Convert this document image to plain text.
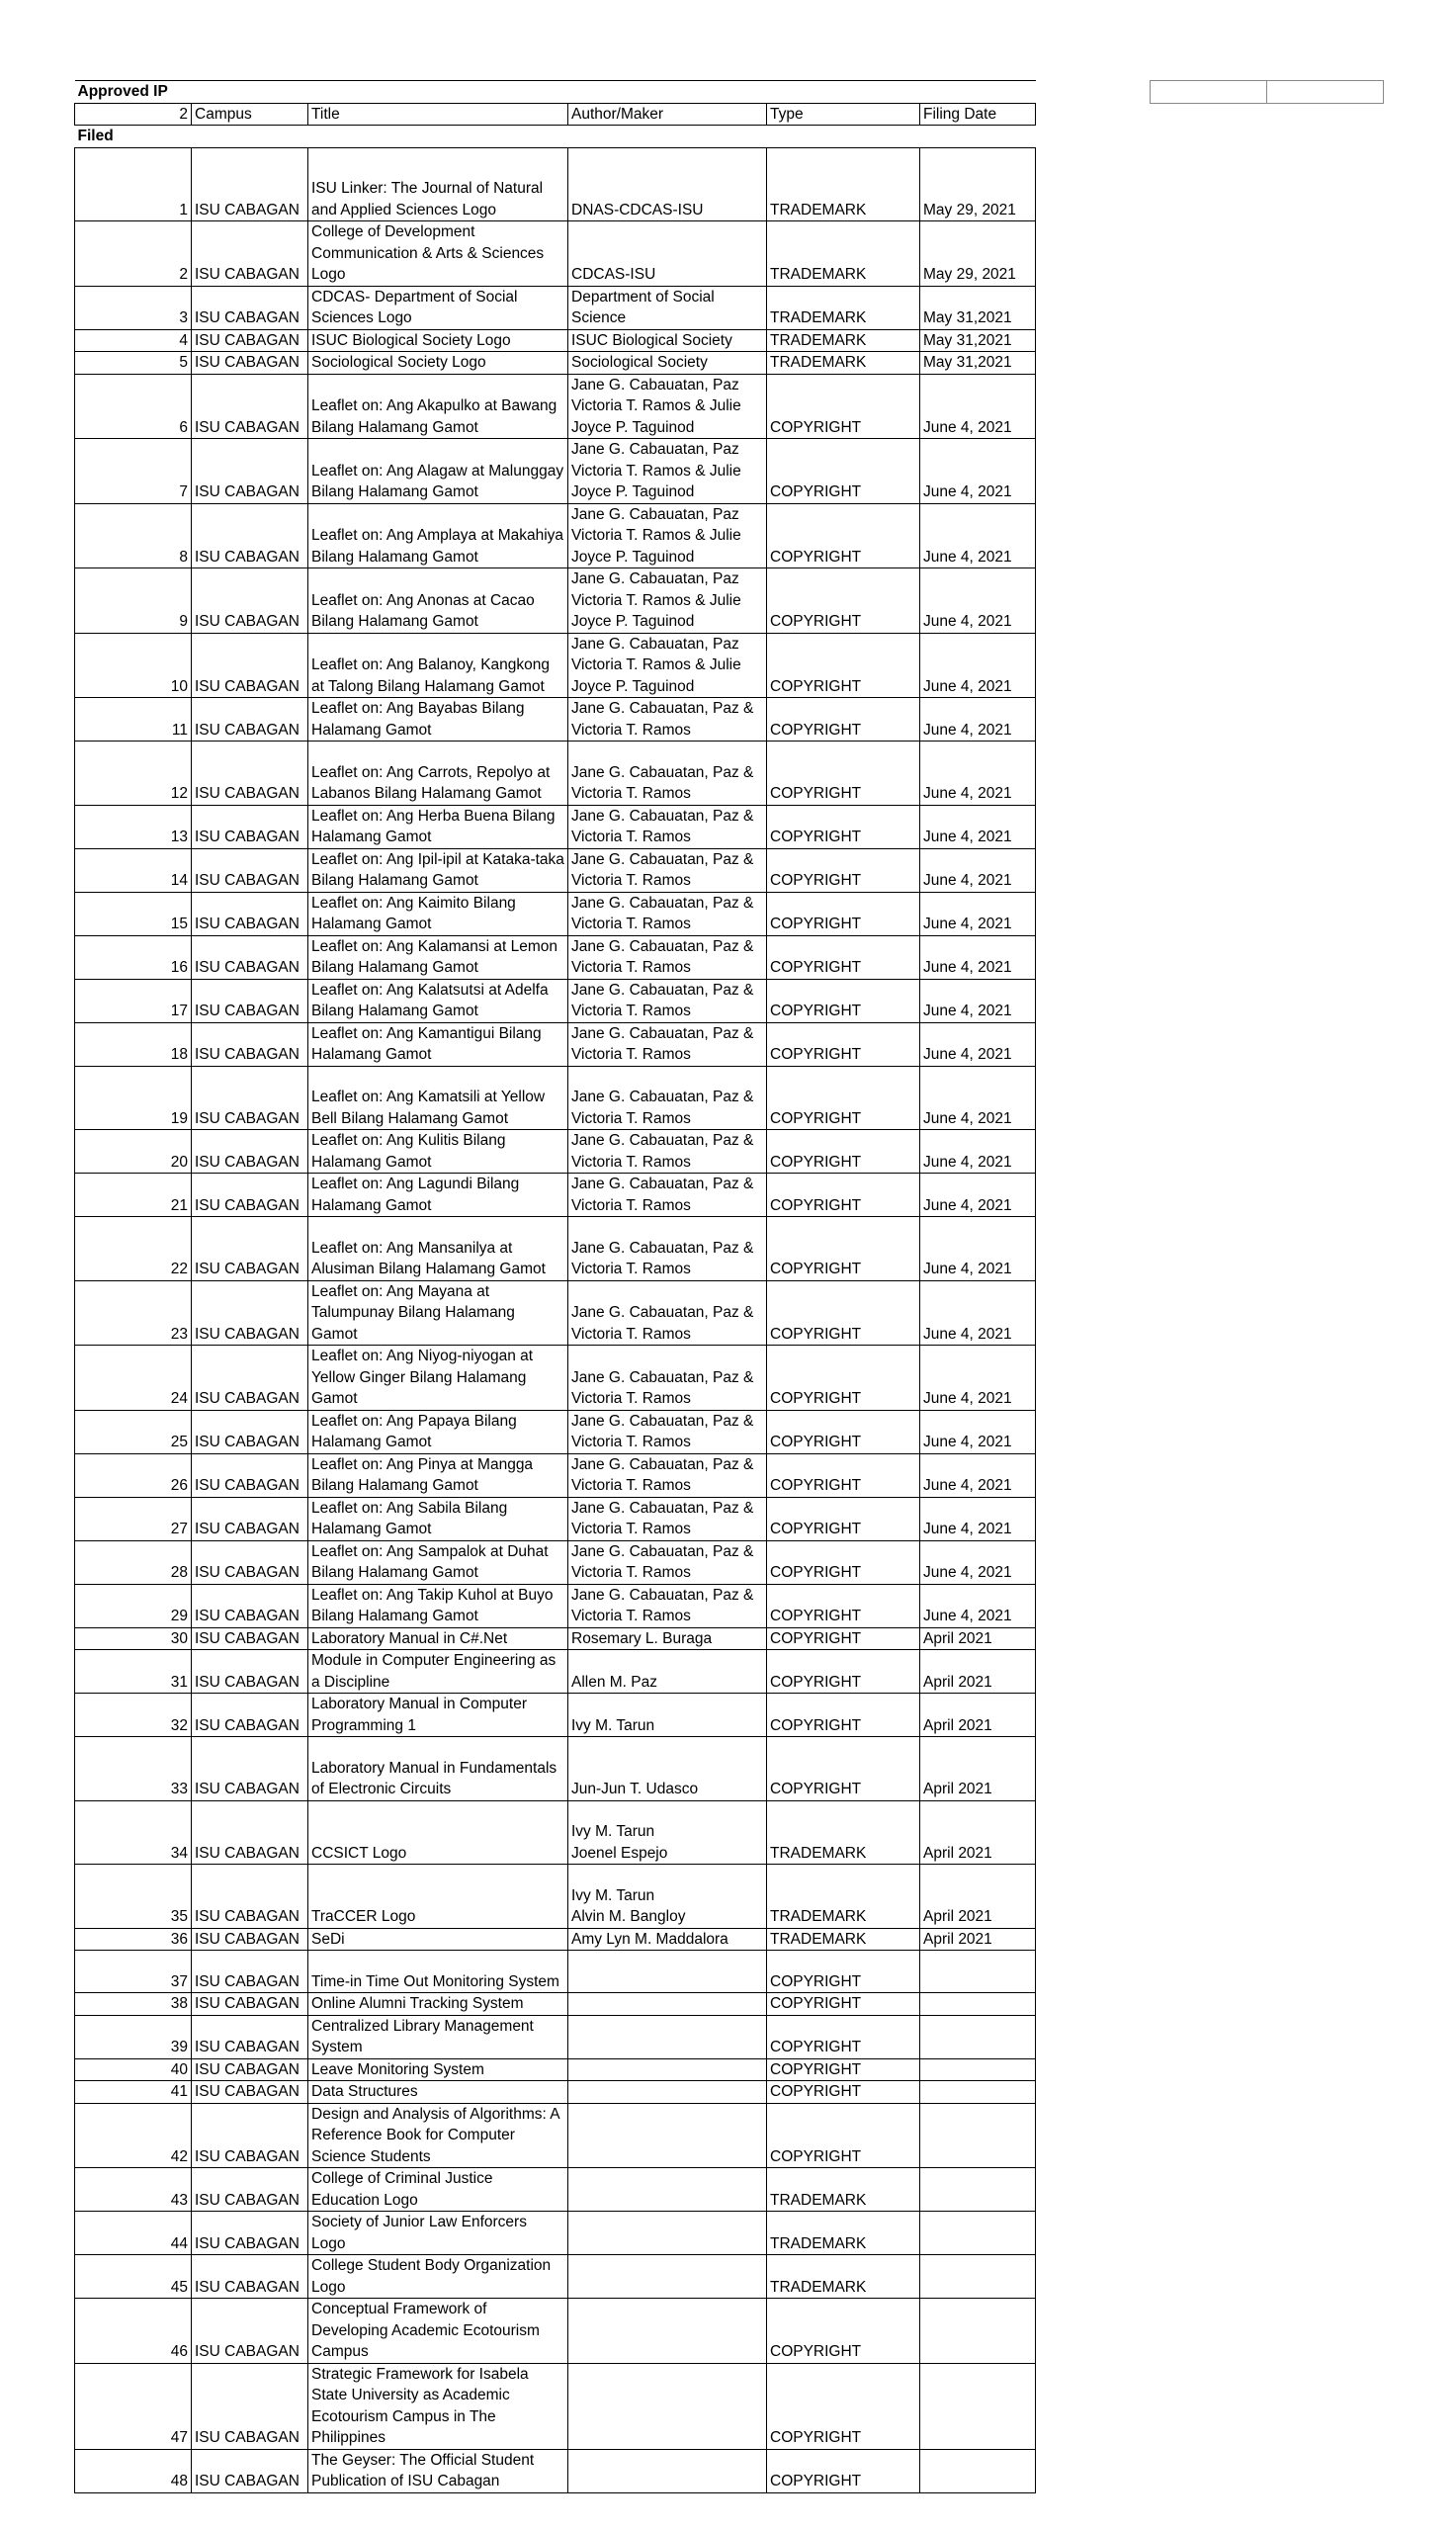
Approved IP					
2	Campus	Title	Author/Maker	Type	Filing Date
Filed					
1	ISU CABAGAN	ISU Linker: The Journal of Natural and Applied Sciences Logo	DNAS-CDCAS-ISU	TRADEMARK	May 29, 2021
2	ISU CABAGAN	College of Development Communication & Arts & Sciences Logo	CDCAS-ISU	TRADEMARK	May 29, 2021
3	ISU CABAGAN	CDCAS- Department of Social Sciences Logo	Department of Social Science	TRADEMARK	May 31,2021
4	ISU CABAGAN	ISUC Biological Society Logo	ISUC Biological Society	TRADEMARK	May 31,2021
5	ISU CABAGAN	Sociological Society Logo	Sociological Society	TRADEMARK	May 31,2021
6	ISU CABAGAN	Leaflet on: Ang Akapulko at Bawang Bilang Halamang Gamot	Jane G. Cabauatan, Paz Victoria T. Ramos & Julie Joyce P. Taguinod	COPYRIGHT	June 4, 2021
7	ISU CABAGAN	Leaflet on: Ang Alagaw at Malunggay Bilang Halamang Gamot	Jane G. Cabauatan, Paz Victoria T. Ramos & Julie Joyce P. Taguinod	COPYRIGHT	June 4, 2021
8	ISU CABAGAN	Leaflet on: Ang Amplaya at Makahiya Bilang Halamang Gamot	Jane G. Cabauatan, Paz Victoria T. Ramos & Julie Joyce P. Taguinod	COPYRIGHT	June 4, 2021
9	ISU CABAGAN	Leaflet on: Ang Anonas at Cacao Bilang Halamang Gamot	Jane G. Cabauatan, Paz Victoria T. Ramos & Julie Joyce P. Taguinod	COPYRIGHT	June 4, 2021
10	ISU CABAGAN	Leaflet on: Ang Balanoy, Kangkong at Talong Bilang Halamang Gamot	Jane G. Cabauatan, Paz Victoria T. Ramos & Julie Joyce P. Taguinod	COPYRIGHT	June 4, 2021
11	ISU CABAGAN	Leaflet on: Ang Bayabas Bilang Halamang Gamot	Jane G. Cabauatan, Paz & Victoria T. Ramos	COPYRIGHT	June 4, 2021
12	ISU CABAGAN	Leaflet on: Ang Carrots, Repolyo at Labanos Bilang Halamang Gamot	Jane G. Cabauatan, Paz & Victoria T. Ramos	COPYRIGHT	June 4, 2021
13	ISU CABAGAN	Leaflet on: Ang Herba Buena Bilang Halamang Gamot	Jane G. Cabauatan, Paz & Victoria T. Ramos	COPYRIGHT	June 4, 2021
14	ISU CABAGAN	Leaflet on: Ang Ipil-ipil at Kataka-taka Bilang Halamang Gamot	Jane G. Cabauatan, Paz & Victoria T. Ramos	COPYRIGHT	June 4, 2021
15	ISU CABAGAN	Leaflet on: Ang Kaimito Bilang Halamang Gamot	Jane G. Cabauatan, Paz & Victoria T. Ramos	COPYRIGHT	June 4, 2021
16	ISU CABAGAN	Leaflet on: Ang Kalamansi at Lemon Bilang Halamang Gamot	Jane G. Cabauatan, Paz & Victoria T. Ramos	COPYRIGHT	June 4, 2021
17	ISU CABAGAN	Leaflet on: Ang Kalatsutsi at Adelfa Bilang Halamang Gamot	Jane G. Cabauatan, Paz & Victoria T. Ramos	COPYRIGHT	June 4, 2021
18	ISU CABAGAN	Leaflet on: Ang Kamantigui Bilang Halamang Gamot	Jane G. Cabauatan, Paz & Victoria T. Ramos	COPYRIGHT	June 4, 2021
19	ISU CABAGAN	Leaflet on: Ang Kamatsili at Yellow Bell Bilang Halamang Gamot	Jane G. Cabauatan, Paz & Victoria T. Ramos	COPYRIGHT	June 4, 2021
20	ISU CABAGAN	Leaflet on: Ang Kulitis Bilang Halamang Gamot	Jane G. Cabauatan, Paz & Victoria T. Ramos	COPYRIGHT	June 4, 2021
21	ISU CABAGAN	Leaflet on: Ang Lagundi Bilang Halamang Gamot	Jane G. Cabauatan, Paz & Victoria T. Ramos	COPYRIGHT	June 4, 2021
22	ISU CABAGAN	Leaflet on: Ang Mansanilya at Alusiman Bilang Halamang Gamot	Jane G. Cabauatan, Paz & Victoria T. Ramos	COPYRIGHT	June 4, 2021
23	ISU CABAGAN	Leaflet on: Ang Mayana at Talumpunay Bilang Halamang Gamot	Jane G. Cabauatan, Paz & Victoria T. Ramos	COPYRIGHT	June 4, 2021
24	ISU CABAGAN	Leaflet on: Ang Niyog-niyogan at Yellow Ginger Bilang Halamang Gamot	Jane G. Cabauatan, Paz & Victoria T. Ramos	COPYRIGHT	June 4, 2021
25	ISU CABAGAN	Leaflet on: Ang Papaya Bilang Halamang Gamot	Jane G. Cabauatan, Paz & Victoria T. Ramos	COPYRIGHT	June 4, 2021
26	ISU CABAGAN	Leaflet on: Ang Pinya at Mangga Bilang Halamang Gamot	Jane G. Cabauatan, Paz & Victoria T. Ramos	COPYRIGHT	June 4, 2021
27	ISU CABAGAN	Leaflet on: Ang Sabila Bilang Halamang Gamot	Jane G. Cabauatan, Paz & Victoria T. Ramos	COPYRIGHT	June 4, 2021
28	ISU CABAGAN	Leaflet on: Ang Sampalok at Duhat Bilang Halamang Gamot	Jane G. Cabauatan, Paz & Victoria T. Ramos	COPYRIGHT	June 4, 2021
29	ISU CABAGAN	Leaflet on: Ang Takip Kuhol at Buyo Bilang Halamang Gamot	Jane G. Cabauatan, Paz & Victoria T. Ramos	COPYRIGHT	June 4, 2021
30	ISU CABAGAN	Laboratory Manual in C#.Net	Rosemary L. Buraga	COPYRIGHT	April 2021
31	ISU CABAGAN	Module in Computer Engineering as a Discipline	Allen M. Paz	COPYRIGHT	April 2021
32	ISU CABAGAN	Laboratory Manual in Computer Programming 1	Ivy M. Tarun	COPYRIGHT	April 2021
33	ISU CABAGAN	Laboratory Manual in Fundamentals of Electronic Circuits	Jun-Jun T. Udasco	COPYRIGHT	April 2021
34	ISU CABAGAN	CCSICT Logo	Ivy M. Tarun
Joenel Espejo	TRADEMARK	April 2021
35	ISU CABAGAN	TraCCER Logo	Ivy M. Tarun
Alvin M. Bangloy	TRADEMARK	April 2021
36	ISU CABAGAN	SeDi	Amy Lyn M. Maddalora	TRADEMARK	April 2021
37	ISU CABAGAN	Time-in Time Out Monitoring System		COPYRIGHT	
38	ISU CABAGAN	Online Alumni Tracking System		COPYRIGHT	
39	ISU CABAGAN	Centralized Library Management System		COPYRIGHT	
40	ISU CABAGAN	Leave Monitoring System		COPYRIGHT	
41	ISU CABAGAN	Data Structures		COPYRIGHT	
42	ISU CABAGAN	Design and Analysis of Algorithms: A Reference Book for Computer Science Students		COPYRIGHT	
43	ISU CABAGAN	College of Criminal Justice Education Logo		TRADEMARK	
44	ISU CABAGAN	Society of Junior Law Enforcers Logo		TRADEMARK	
45	ISU CABAGAN	College Student Body Organization Logo		TRADEMARK	
46	ISU CABAGAN	Conceptual Framework of Developing Academic Ecotourism Campus		COPYRIGHT	
47	ISU CABAGAN	Strategic Framework for Isabela State University as Academic Ecotourism Campus in The Philippines		COPYRIGHT	
48	ISU CABAGAN	The Geyser: The Official Student Publication of ISU Cabagan		COPYRIGHT	
